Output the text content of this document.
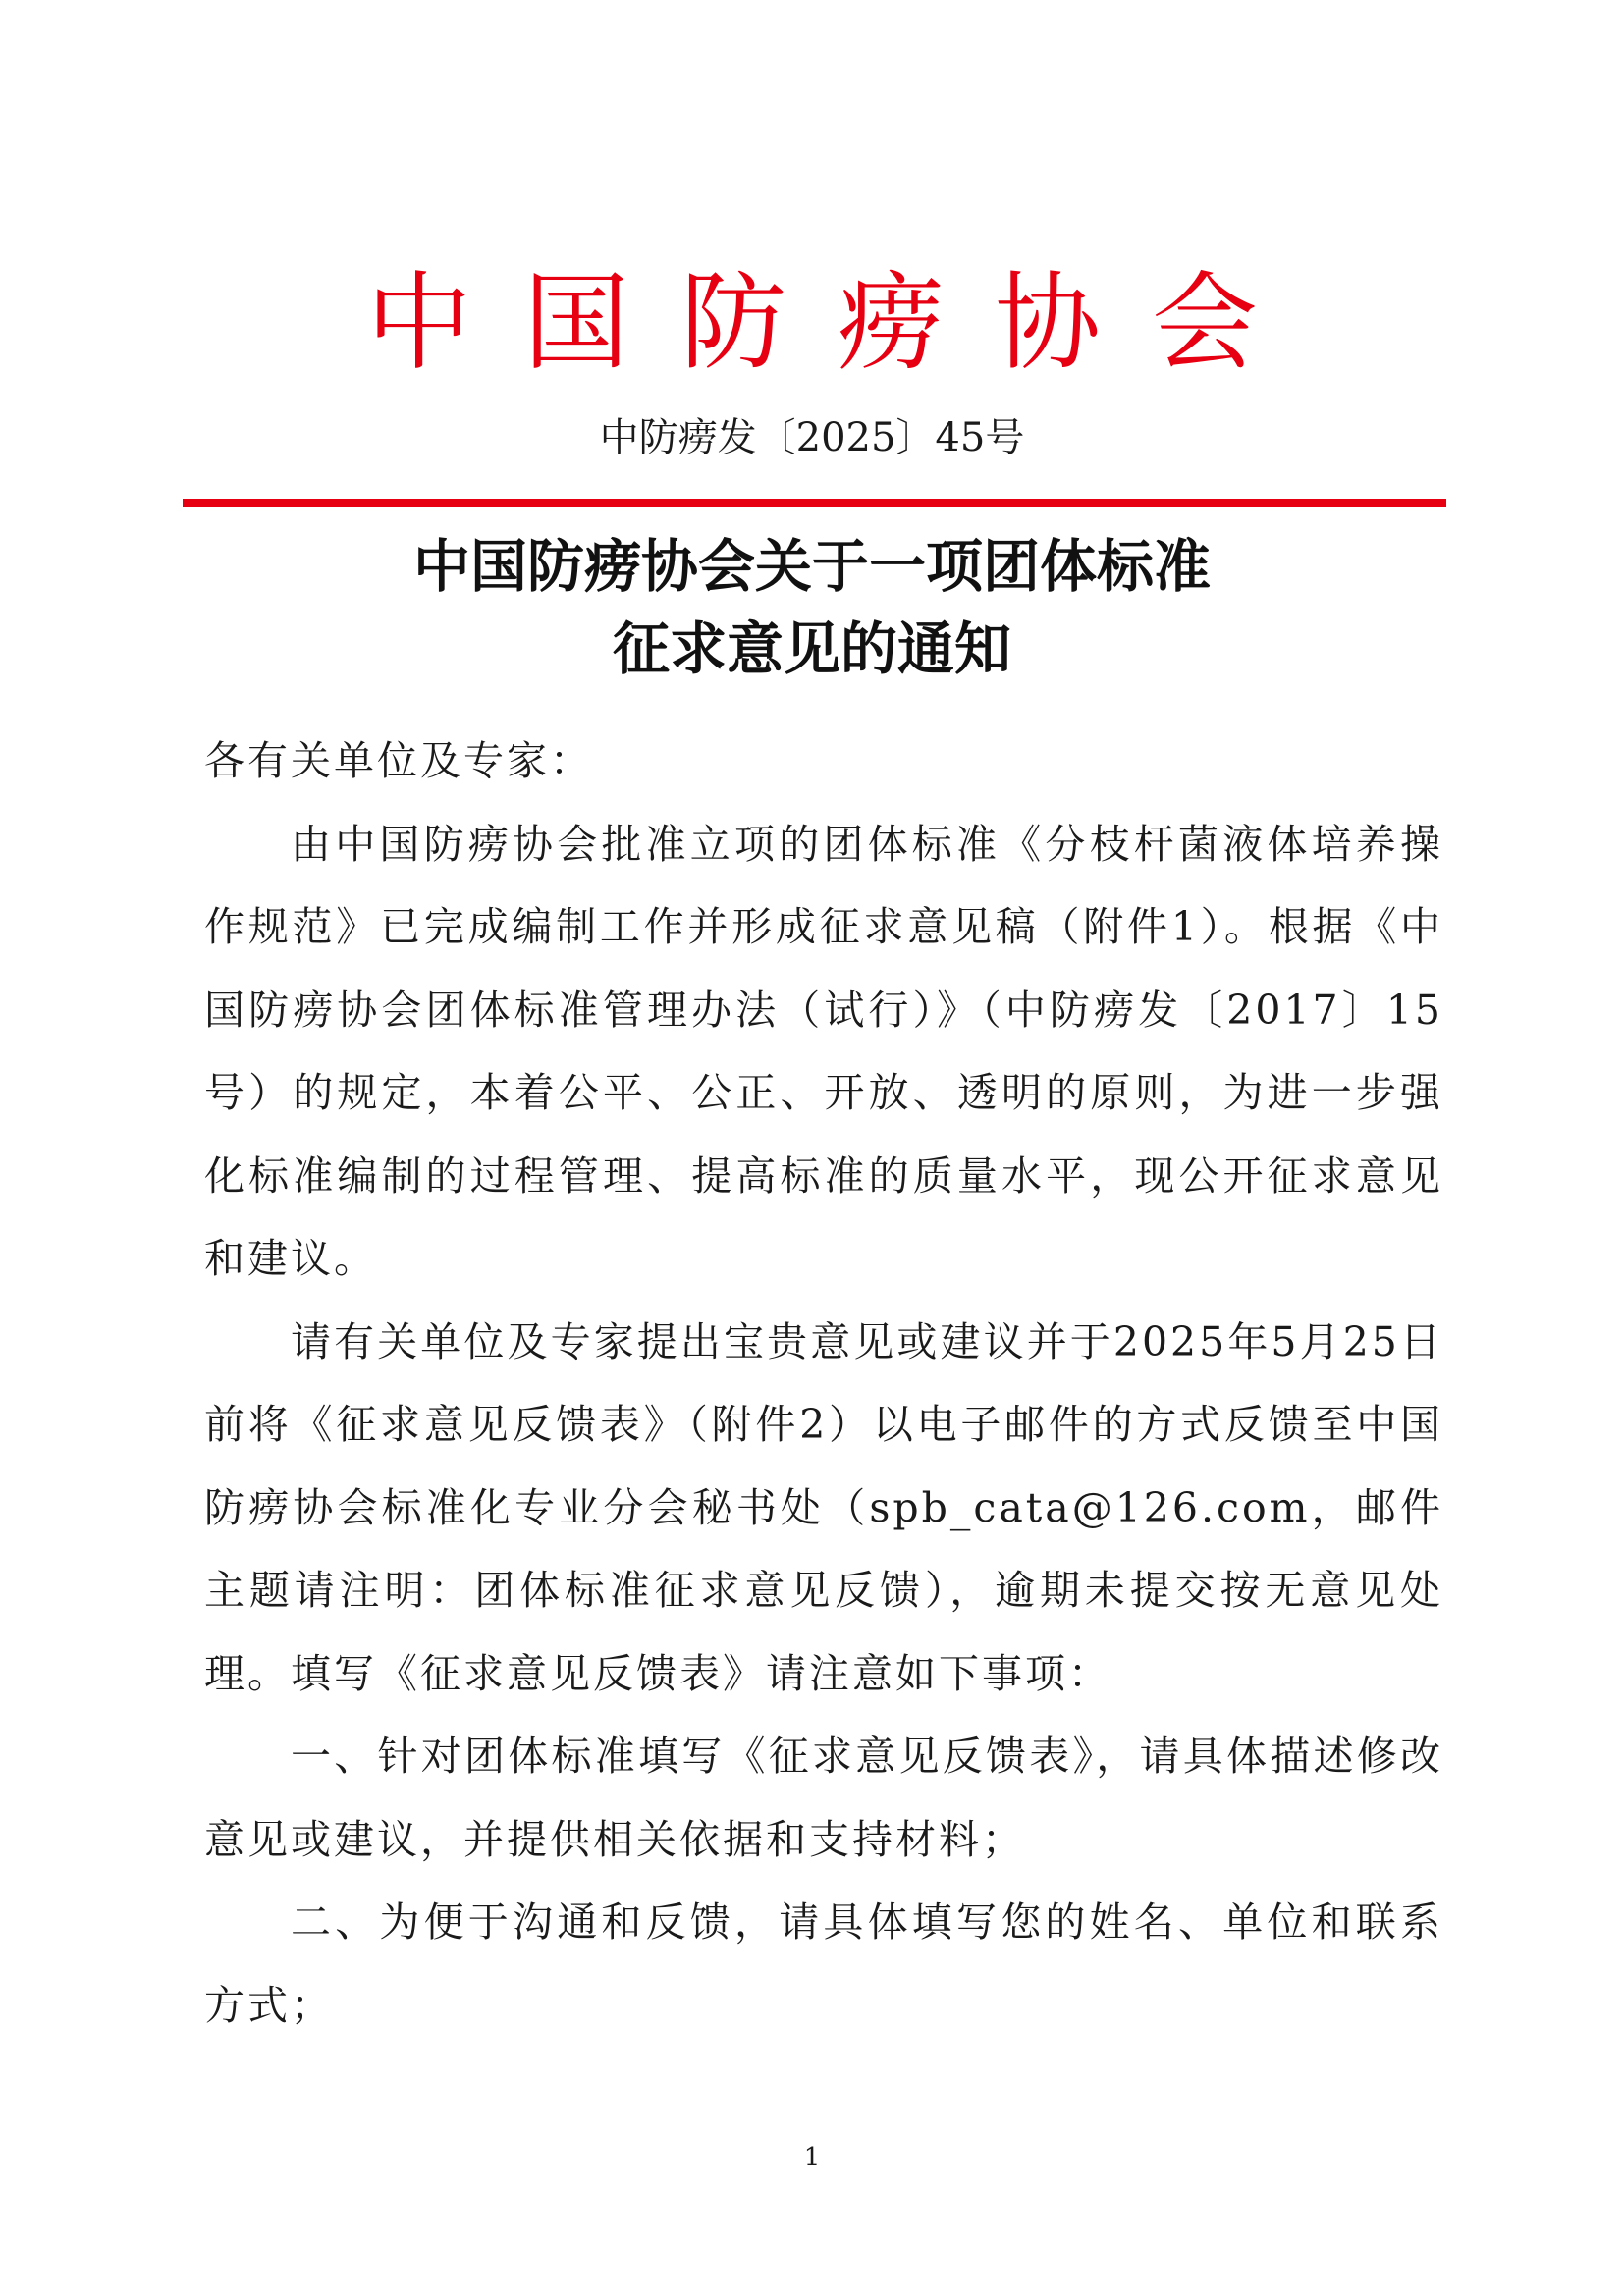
中国防痨协会
中防痨发〔2025〕45号
中国防痨协会关于一项团体标准
征求意见的通知

各有关单位及专家：

由中国防痨协会批准立项的团体标准《分枝杆菌液体培养操作规范》已完成编制工作并形成征求意见稿（附件1）。根据《中国防痨协会团体标准管理办法（试行）》（中防痨发〔2017〕15号）的规定，本着公平、公正、开放、透明的原则，为进一步强化标准编制的过程管理、提高标准的质量水平，现公开征求意见和建议。

请有关单位及专家提出宝贵意见或建议并于2025年5月25日前将《征求意见反馈表》（附件2）以电子邮件的方式反馈至中国防痨协会标准化专业分会秘书处（spb_cata@126.com，邮件主题请注明：团体标准征求意见反馈），逾期未提交按无意见处理。填写《征求意见反馈表》请注意如下事项：

一、针对团体标准填写《征求意见反馈表》，请具体描述修改意见或建议，并提供相关依据和支持材料；

二、为便于沟通和反馈，请具体填写您的姓名、单位和联系方式；

1
